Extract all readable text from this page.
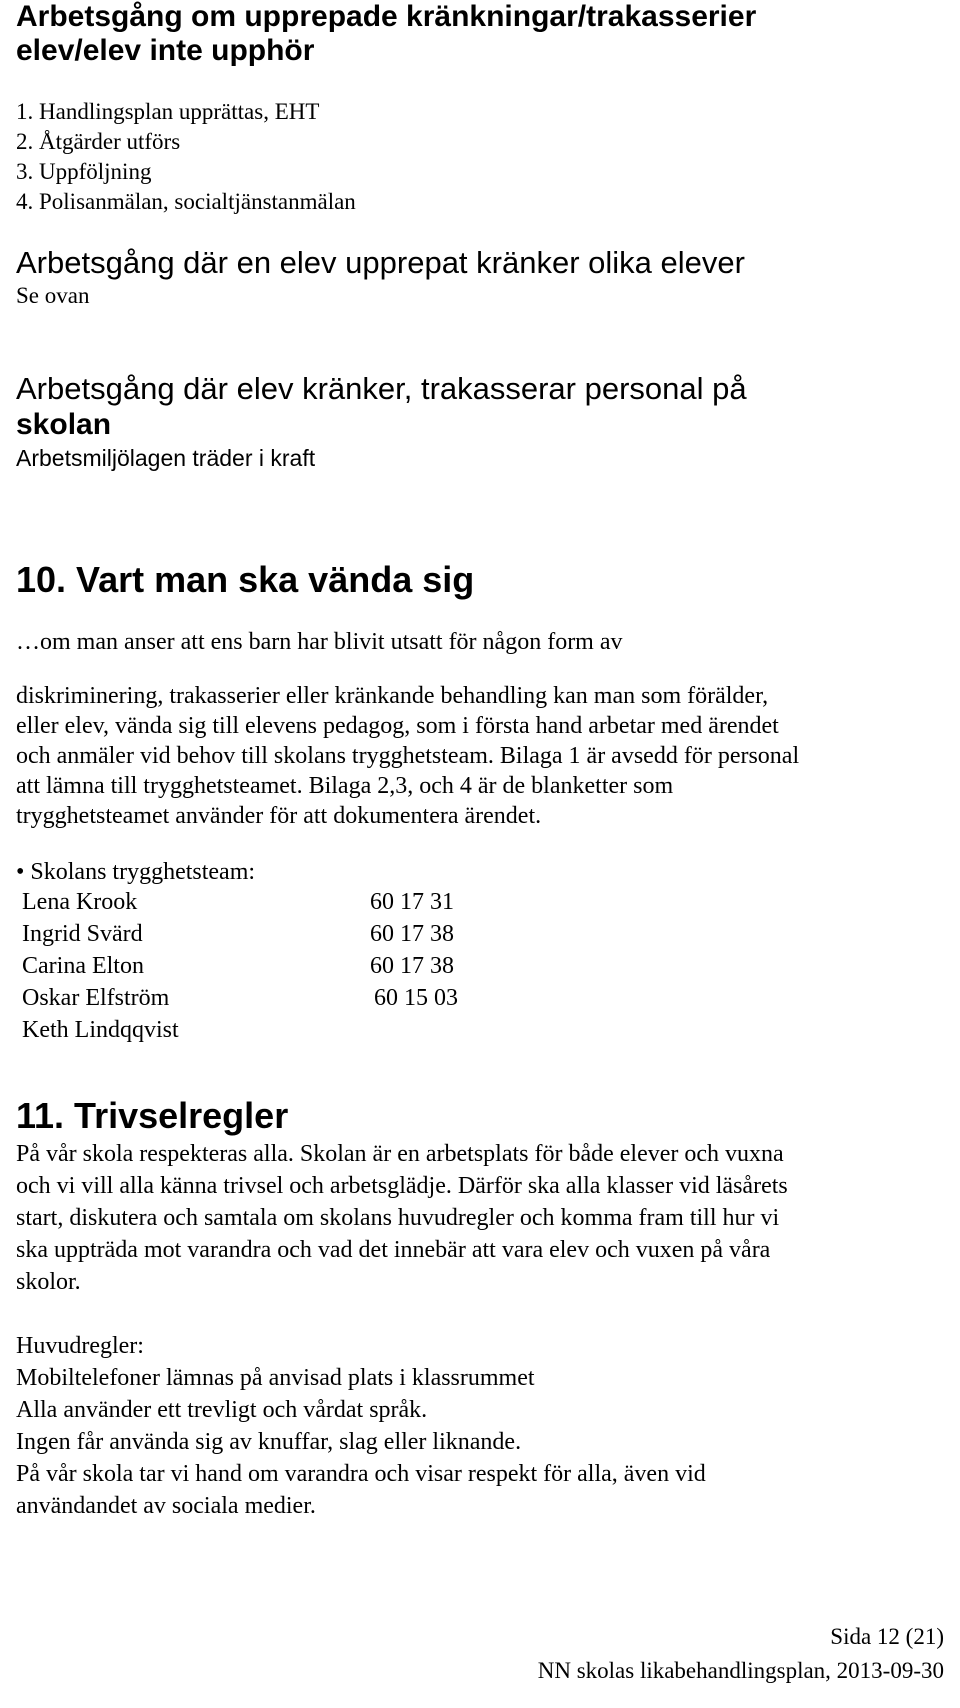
Arbetsgång om upprepade kränkningar/trakasserier
elev/elev inte upphör
1. Handlingsplan upprättas, EHT
2. Åtgärder utförs
3. Uppföljning
4. Polisanmälan, socialtjänstanmälan
Arbetsgång där en elev upprepat kränker olika elever
Se ovan
Arbetsgång där elev kränker, trakasserar personal på
skolan
Arbetsmiljölagen träder i kraft
10. Vart man ska vända sig
…om man anser att ens barn har blivit utsatt för någon form av
diskriminering, trakasserier eller kränkande behandling kan man som förälder,
eller elev, vända sig till elevens pedagog, som i första hand arbetar med ärendet
och anmäler vid behov till skolans trygghetsteam. Bilaga 1 är avsedd för personal
att lämna till trygghetsteamet. Bilaga 2,3, och 4 är de blanketter som
trygghetsteamet använder för att dokumentera ärendet.
• Skolans trygghetsteam:
Lena Krook	60 17 31
Ingrid Svärd	60 17 38
Carina Elton	60 17 38
Oskar Elfström	60 15 03
Keth Lindqqvist
11. Trivselregler
På vår skola respekteras alla. Skolan är en arbetsplats för både elever och vuxna
och vi vill alla känna trivsel och arbetsglädje. Därför ska alla klasser vid läsårets
start, diskutera och samtala om skolans huvudregler och komma fram till hur vi
ska uppträda mot varandra och vad det innebär att vara elev och vuxen på våra
skolor.
Huvudregler:
Mobiltelefoner lämnas på anvisad plats i klassrummet
Alla använder ett trevligt och vårdat språk.
Ingen får använda sig av knuffar, slag eller liknande.
På vår skola tar vi hand om varandra och visar respekt för alla, även vid
användandet av sociala medier.
Sida 12 (21)
NN skolas likabehandlingsplan, 2013-09-30
